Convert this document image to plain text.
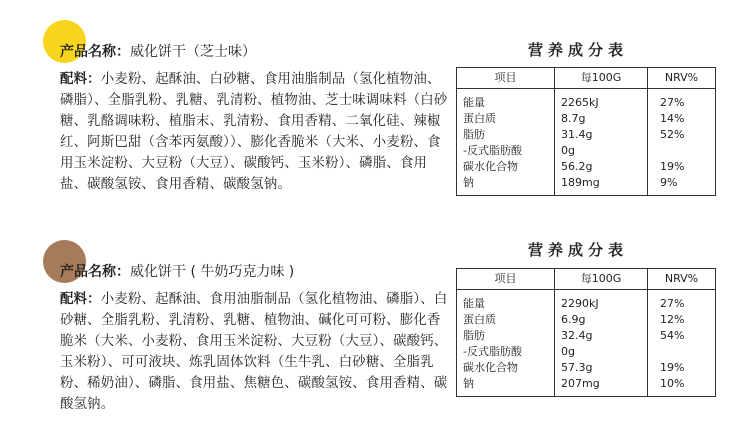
产品名称：威化饼干（芝士味）

配料：小麦粉、起酥油、白砂糖、食用油脂制品（氢化植物油、磷脂）、全脂乳粉、乳糖、乳清粉、植物油、芝士味调味料（白砂糖、乳酪调味粉、植脂末、乳清粉、食用香精、二氧化硅、辣椒红、阿斯巴甜（含苯丙氨酸））、膨化香脆米（大米、小麦粉、食用玉米淀粉、大豆粉（大豆）、碳酸钙、玉米粉）、磷脂、食用盐、碳酸氢铵、食用香精、碳酸氢钠。

产品名称：威化饼干 ( 牛奶巧克力味 )

配料：小麦粉、起酥油、食用油脂制品（氢化植物油、磷脂）、白砂糖、全脂乳粉、乳清粉、乳糖、植物油、碱化可可粉、膨化香脆米（大米、小麦粉、食用玉米淀粉、大豆粉（大豆）、碳酸钙、玉米粉）、可可液块、炼乳固体饮料（生牛乳、白砂糖、全脂乳粉、稀奶油）、磷脂、食用盐、焦糖色、碳酸氢铵、食用香精、碳酸氢钠。

营养成分表
项目	每100G	NRV%
能量	2265kJ	27%
蛋白质	8.7g	14%
脂肪	31.4g	52%
-反式脂肪酸	0g	
碳水化合物	56.2g	19%
钠	189mg	9%
营养成分表
项目	每100G	NRV%
能量	2290kJ	27%
蛋白质	6.9g	12%
脂肪	32.4g	54%
-反式脂肪酸	0g	
碳水化合物	57.3g	19%
钠	207mg	10%
